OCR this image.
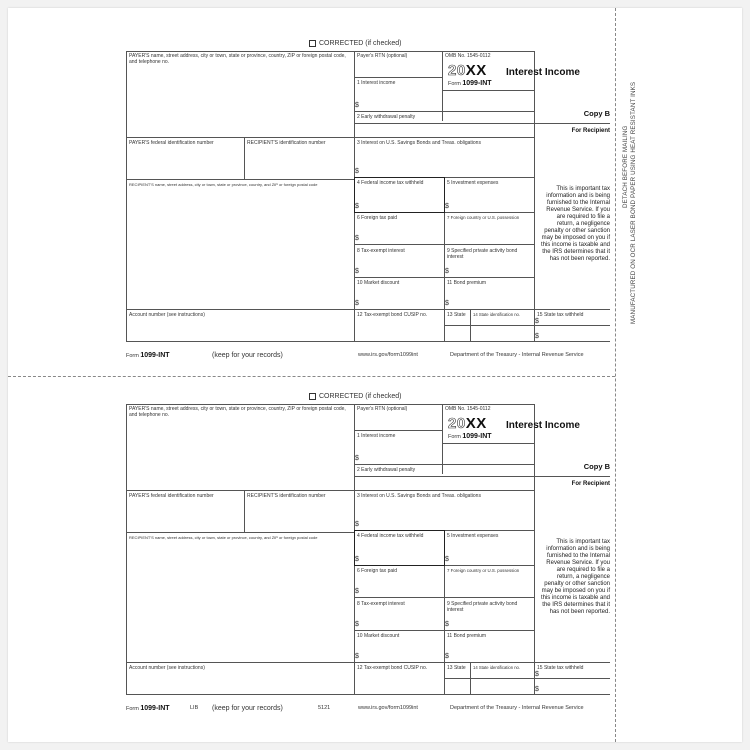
DETACH BEFORE MAILING MANUFACTURED ON OCR LASER BOND PAPER USING HEAT RESISTANT INKS
CORRECTED (if checked)
PAYER'S name, street address, city or town, state or province, country, ZIP or foreign postal code, and telephone no.
Payer's RTN (optional)	OMB No. 1545-0112
20XX Interest Income
Form 1099-INT
1 Interest income
$
2 Early withdrawal penalty
3 Interest on U.S. Savings Bonds and Treas. obligations
$
PAYER'S federal identification number	RECIPIENT'S identification number
RECIPIENT'S name, street address, city or town, state or province, country, and ZIP or foreign postal code	4 Federal income tax withheld
$
5 Investment expenses
$
6 Foreign tax paid
$
7 Foreign country or U.S. possession
8 Tax-exempt interest
$
9 Specified private activity bond interest
$
10 Market discount
$
11 Bond premium
$
Account number (see instructions)	12 Tax-exempt bond CUSIP no.	13 State 14 State identification no.	15 State tax withheld
$
$
Copy B
For Recipient
This is important tax information and is being furnished to the Internal Revenue Service. If you are required to file a return, a negligence penalty or other sanction may be imposed on you if this income is taxable and the IRS determines that it has not been reported.
Form 1099-INT	(keep for your records)	www.irs.gov/form1099int	Department of the Treasury - Internal Revenue Service
CORRECTED (if checked)
PAYER'S name, street address, city or town, state or province, country, ZIP or foreign postal code, and telephone no.
Payer's RTN (optional)	OMB No. 1545-0112
20XX Interest Income
Form 1099-INT
1 Interest income
$
2 Early withdrawal penalty
3 Interest on U.S. Savings Bonds and Treas. obligations
$
PAYER'S federal identification number	RECIPIENT'S identification number
RECIPIENT'S name, street address, city or town, state or province, country, and ZIP or foreign postal code	4 Federal income tax withheld
$
5 Investment expenses
$
6 Foreign tax paid
$
7 Foreign country or U.S. possession
8 Tax-exempt interest
$
9 Specified private activity bond interest
$
10 Market discount
$
11 Bond premium
$
Account number (see instructions)	12 Tax-exempt bond CUSIP no.	13 State 14 State identification no.	15 State tax withheld
$
$
Copy B
For Recipient
This is important tax information and is being furnished to the Internal Revenue Service. If you are required to file a return, a negligence penalty or other sanction may be imposed on you if this income is taxable and the IRS determines that it has not been reported.
Form 1099-INT	LIB (keep for your records)	5121	www.irs.gov/form1099int	Department of the Treasury - Internal Revenue Service
